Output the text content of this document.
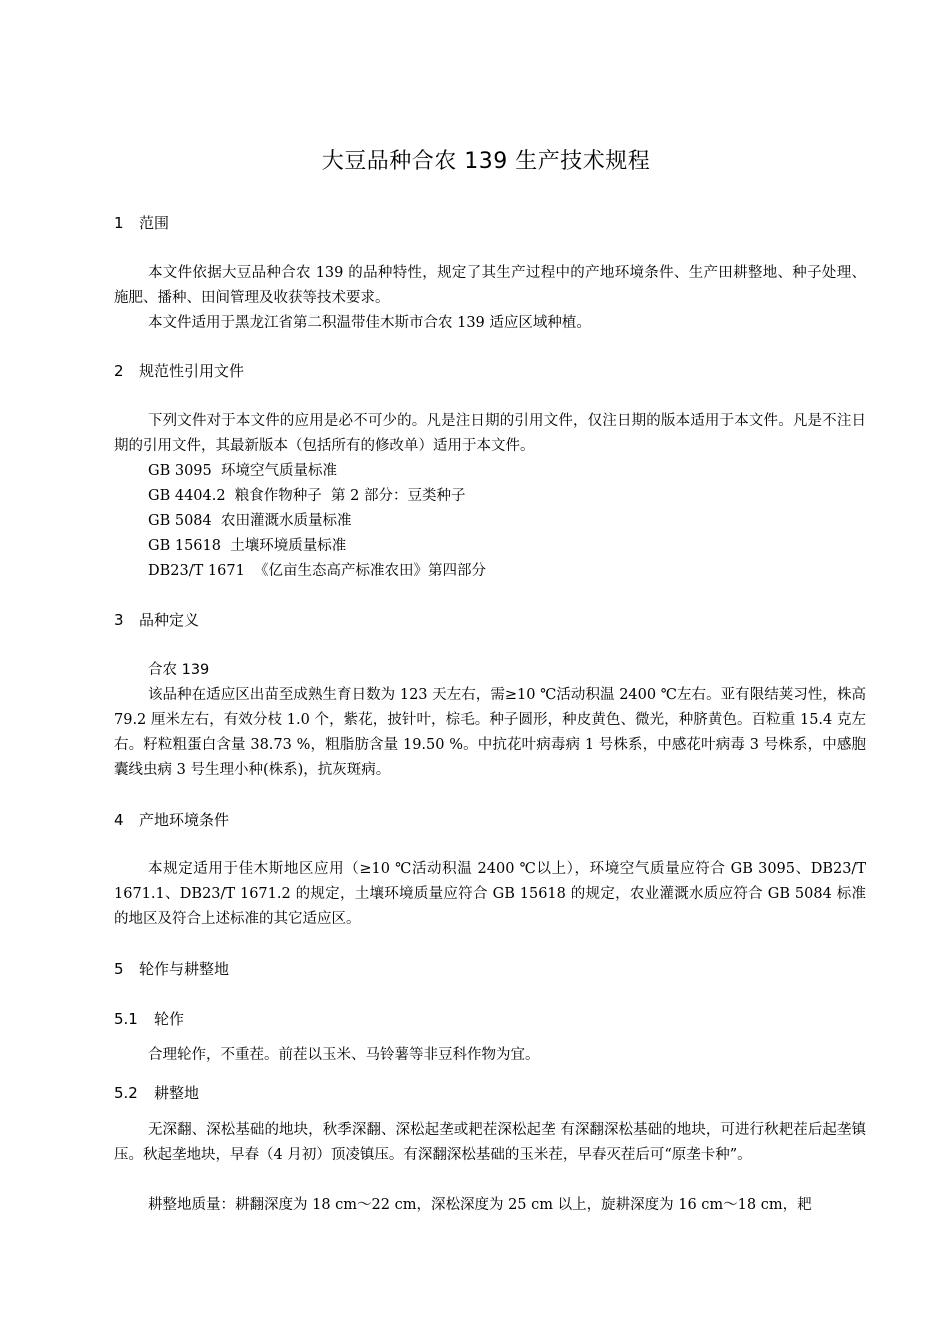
大豆品种合农 139 生产技术规程
1 范围

本文件依据大豆品种合农 139 的品种特性，规定了其生产过程中的产地环境条件、生产田耕整地、种子处理、施肥、播种、田间管理及收获等技术要求。

本文件适用于黑龙江省第二积温带佳木斯市合农 139 适应区域种植。

2 规范性引用文件

下列文件对于本文件的应用是必不可少的。凡是注日期的引用文件，仅注日期的版本适用于本文件。凡是不注日期的引用文件，其最新版本（包括所有的修改单）适用于本文件。

GB 3095  环境空气质量标准
GB 4404.2  粮食作物种子  第 2 部分：豆类种子
GB 5084  农田灌溉水质量标准
GB 15618  土壤环境质量标准
DB23/T 1671  《亿亩生态高产标准农田》第四部分
3 品种定义
合农 139

该品种在适应区出苗至成熟生育日数为 123 天左右，需≥10 ℃活动积温 2400 ℃左右。亚有限结荚习性，株高 79.2 厘米左右，有效分枝 1.0 个，紫花，披针叶，棕毛。种子圆形，种皮黄色、微光，种脐黄色。百粒重 15.4 克左右。籽粒粗蛋白含量 38.73 %，粗脂肪含量 19.50 %。中抗花叶病毒病 1 号株系，中感花叶病毒 3 号株系，中感胞囊线虫病 3 号生理小种(株系)，抗灰斑病。

4 产地环境条件

本规定适用于佳木斯地区应用（≥10 ℃活动积温 2400 ℃以上），环境空气质量应符合 GB 3095、DB23/T 1671.1、DB23/T 1671.2 的规定，土壤环境质量应符合 GB 15618 的规定，农业灌溉水质应符合 GB 5084 标准的地区及符合上述标准的其它适应区。

5 轮作与耕整地
5.1 轮作

合理轮作，不重茬。前茬以玉米、马铃薯等非豆科作物为宜。

5.2 耕整地

无深翻、深松基础的地块，秋季深翻、深松起垄或耙茬深松起垄 有深翻深松基础的地块，可进行秋耙茬后起垄镇压。秋起垄地块，早春（4 月初）顶凌镇压。有深翻深松基础的玉米茬，早春灭茬后可“原垄卡种”。

耕整地质量：耕翻深度为 18 cm～22 cm，深松深度为 25 cm 以上，旋耕深度为 16 cm～18 cm，耙
